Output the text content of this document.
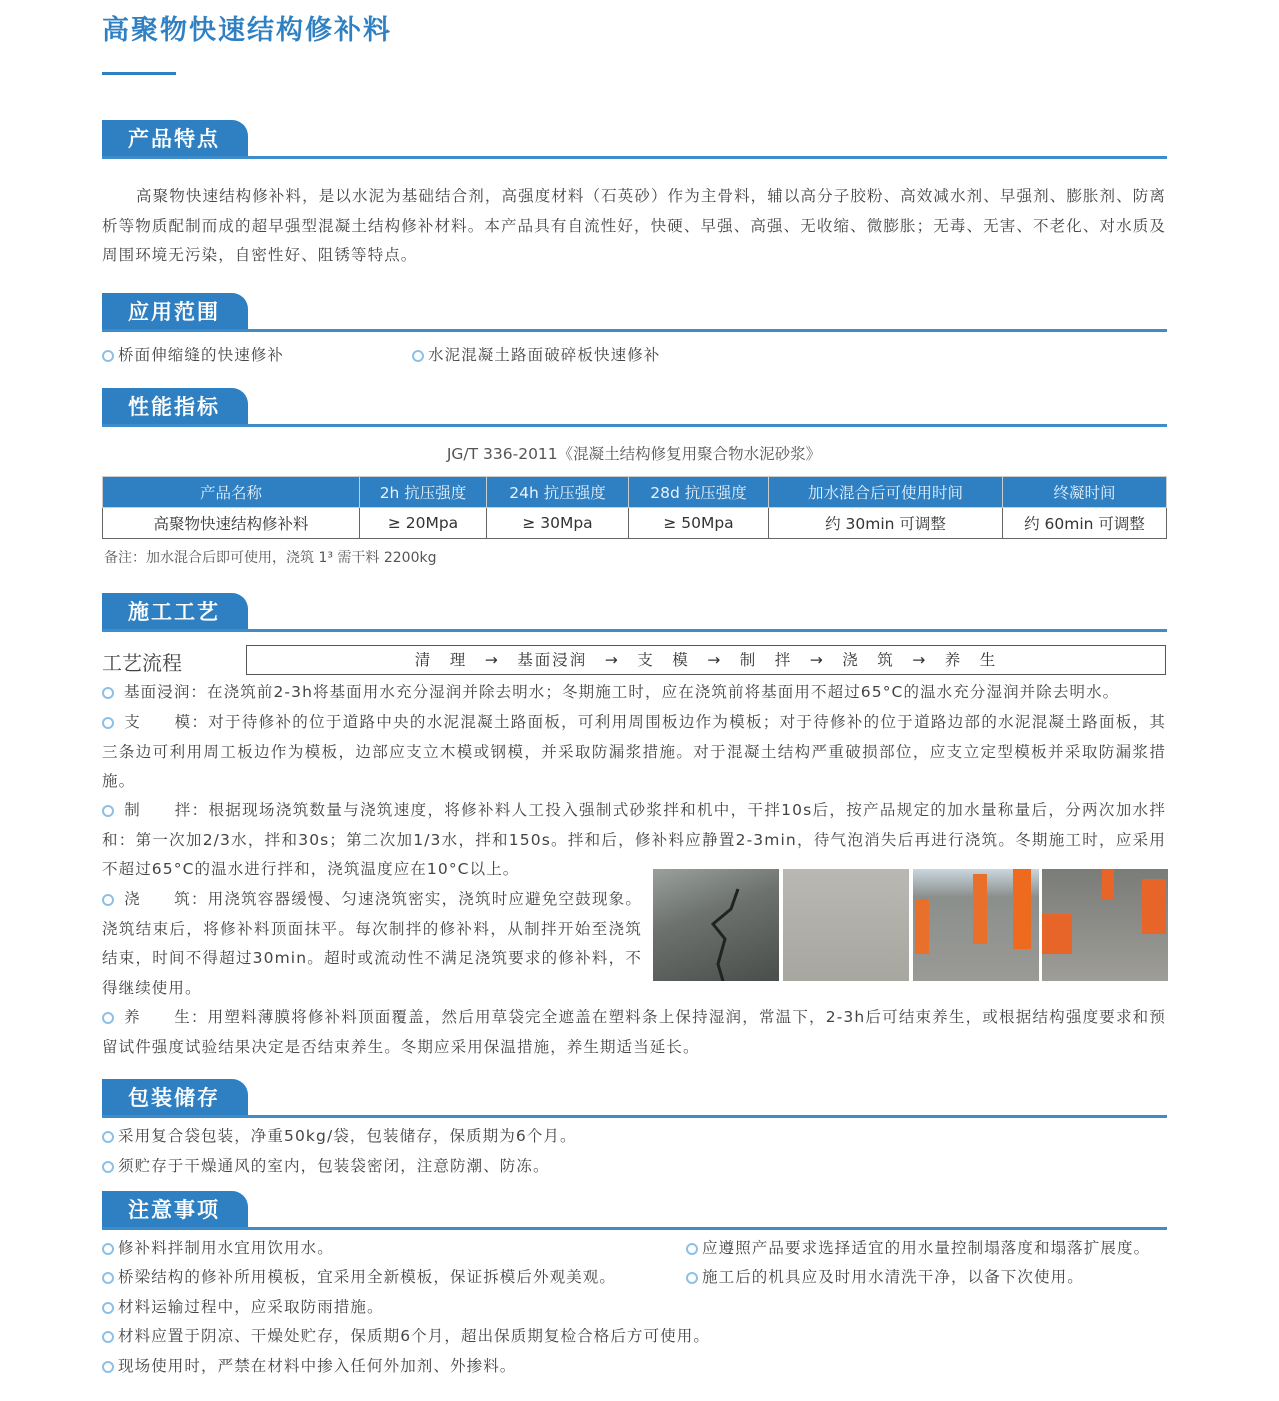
高聚物快速结构修补料
产品特点
高聚物快速结构修补料，是以水泥为基础结合剂，高强度材料（石英砂）作为主骨料，辅以高分子胶粉、高效减水剂、早强剂、膨胀剂、防离析等物质配制而成的超早强型混凝土结构修补材料。本产品具有自流性好，快硬、早强、高强、无收缩、微膨胀；无毒、无害、不老化、对水质及周围环境无污染，自密性好、阻锈等特点。
应用范围
桥面伸缩缝的快速修补	水泥混凝土路面破碎板快速修补
性能指标
JG/T 336-2011《混凝土结构修复用聚合物水泥砂浆》
产品名称	2h 抗压强度	24h 抗压强度	28d 抗压强度	加水混合后可使用时间	终凝时间
高聚物快速结构修补料	≥ 20Mpa	≥ 30Mpa	≥ 50Mpa	约 30min 可调整	约 60min 可调整
备注：加水混合后即可使用，浇筑 1³ 需干料 2200kg
施工工艺
工艺流程	清　理　→　基面浸润　→　支　模　→　制　拌　→　浇　筑　→　养　生
基面浸润：在浇筑前2-3h将基面用水充分湿润并除去明水；冬期施工时，应在浇筑前将基面用不超过65°C的温水充分湿润并除去明水。
支　　模：对于待修补的位于道路中央的水泥混凝土路面板，可利用周围板边作为模板；对于待修补的位于道路边部的水泥混凝土路面板，其三条边可利用周工板边作为模板，边部应支立木模或钢模，并采取防漏浆措施。对于混凝土结构严重破损部位，应支立定型模板并采取防漏浆措施。
制　　拌：根据现场浇筑数量与浇筑速度，将修补料人工投入强制式砂浆拌和机中，干拌10s后，按产品规定的加水量称量后，分两次加水拌和：第一次加2/3水，拌和30s；第二次加1/3水，拌和150s。拌和后，修补料应静置2-3min，待气泡消失后再进行浇筑。冬期施工时，应采用不超过65°C的温水进行拌和，浇筑温度应在10°C以上。
浇　　筑：用浇筑容器缓慢、匀速浇筑密实，浇筑时应避免空鼓现象。浇筑结束后，将修补料顶面抹平。每次制拌的修补料，从制拌开始至浇筑结束，时间不得超过30min。超时或流动性不满足浇筑要求的修补料，不得继续使用。
养　　生：用塑料薄膜将修补料顶面覆盖，然后用草袋完全遮盖在塑料条上保持湿润，常温下，2-3h后可结束养生，或根据结构强度要求和预留试件强度试验结果决定是否结束养生。冬期应采用保温措施，养生期适当延长。
包装储存
采用复合袋包装，净重50kg/袋，包装储存，保质期为6个月。
须贮存于干燥通风的室内，包装袋密闭，注意防潮、防冻。
注意事项
修补料拌制用水宜用饮用水。
桥梁结构的修补所用模板，宜采用全新模板，保证拆模后外观美观。
材料运输过程中，应采取防雨措施。
材料应置于阴凉、干燥处贮存，保质期6个月，超出保质期复检合格后方可使用。
现场使用时，严禁在材料中掺入任何外加剂、外掺料。
应遵照产品要求选择适宜的用水量控制塌落度和塌落扩展度。
施工后的机具应及时用水清洗干净，以备下次使用。
